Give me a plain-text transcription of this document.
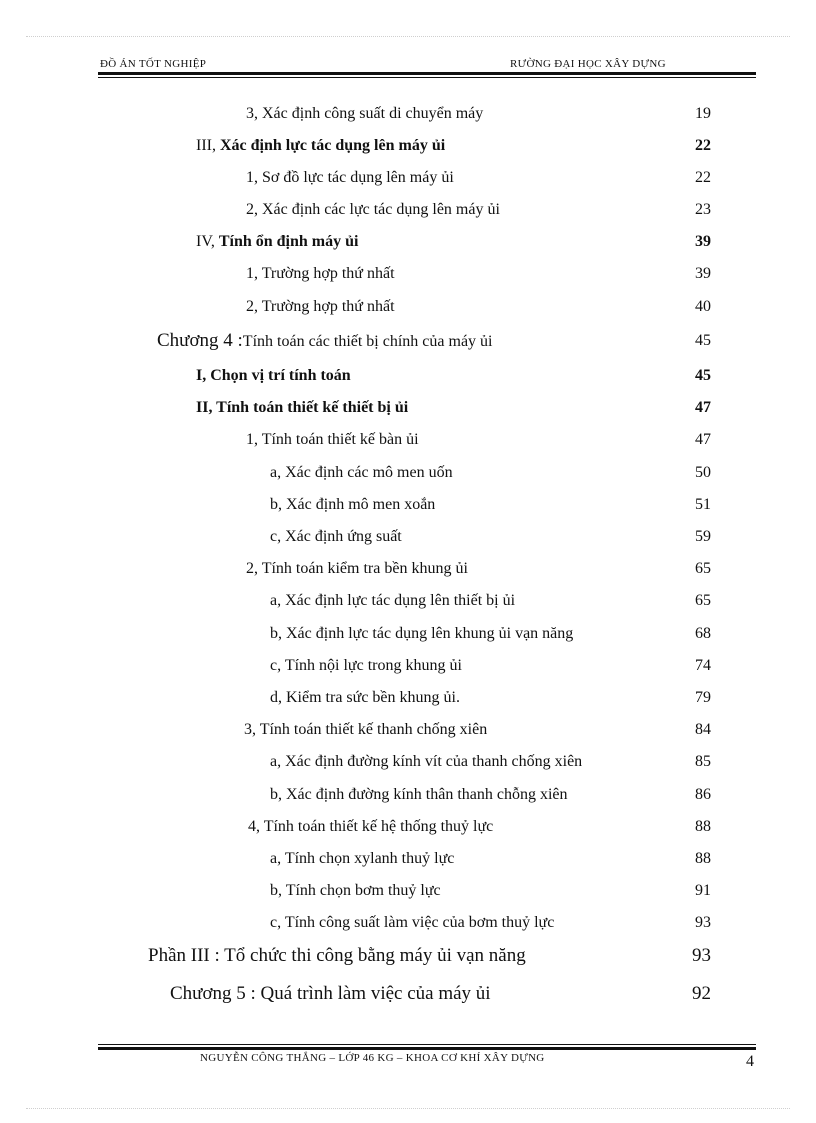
ĐỒ ÁN TỐT NGHIỆP	RƯỜNG ĐẠI HỌC XÂY DỰNG
3, Xác định công suất di chuyển máy	19
III, Xác định lực tác dụng lên máy ủi	22
1, Sơ đồ lực tác dụng lên máy ủi	22
2, Xác định các lực tác dụng lên máy ủi	23
IV, Tính ổn định máy ủi	39
1, Trường hợp thứ nhất	39
2, Trường hợp thứ nhất	40
Chương 4 :Tính toán các thiết bị chính của máy ủi	45
I, Chọn vị trí tính toán	45
II, Tính toán thiết kế thiết bị ủi	47
1, Tính toán thiết kế bàn ủi	47
a, Xác định các mô men uốn	50
b, Xác định mô men xoắn	51
c, Xác định ứng suất	59
2, Tính toán kiểm tra bền khung ủi	65
a, Xác định lực tác dụng lên thiết bị ủi	65
b, Xác định lực tác dụng lên khung ủi vạn năng	68
c, Tính nội lực trong khung ủi	74
d, Kiểm tra sức bền khung ủi.	79
3, Tính toán thiết kế thanh chống xiên	84
a, Xác định đường kính vít của thanh chống xiên	85
b, Xác định đường kính thân thanh chỗng xiên	86
4, Tính toán thiết kế hệ thống thuỷ lực	88
a, Tính chọn xylanh thuỷ lực	88
b, Tính chọn bơm thuỷ lực	91
c, Tính công suất làm việc của bơm thuỷ lực	93
Phần III : Tổ chức thi công bằng máy ủi vạn năng	93
Chương 5 : Quá trình làm việc của máy ủi	92
NGUYỄN CÔNG THẮNG – LỚP 46 KG – KHOA CƠ KHÍ XÂY DỰNG	4
